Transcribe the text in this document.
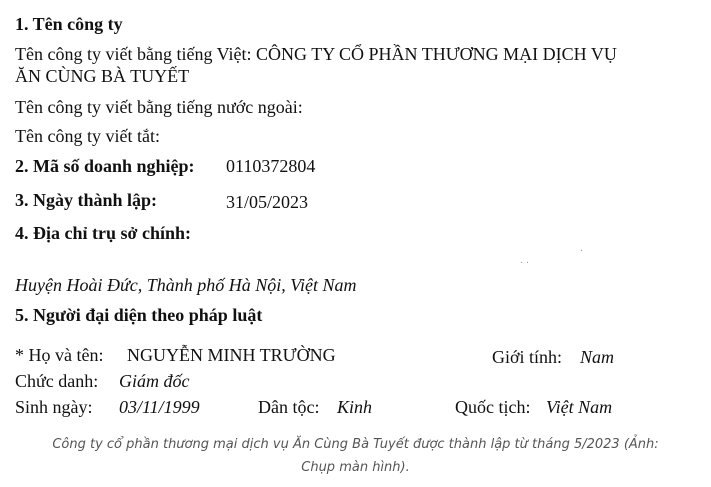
1. Tên công ty
Tên công ty viết bằng tiếng Việt: CÔNG TY CỔ PHẦN THƯƠNG MẠI DỊCH VỤ
ĂN CÙNG BÀ TUYẾT
Tên công ty viết bằng tiếng nước ngoài:
Tên công ty viết tắt:
2. Mã số doanh nghiệp: 0110372804
3. Ngày thành lập:	31/05/2023
4. Địa chỉ trụ sở chính:
· ·
·
Huyện Hoài Đức, Thành phố Hà Nội, Việt Nam
5. Người đại diện theo pháp luật
* Họ và tên: NGUYỄN MINH TRƯỜNG	Giới tính: Nam
Chức danh: Giám đốc
Sinh ngày: 03/11/1999	Dân tộc: Kinh	Quốc tịch: Việt Nam
Công ty cổ phần thương mại dịch vụ Ăn Cùng Bà Tuyết được thành lập từ tháng 5/2023 (Ảnh:
Chụp màn hình).
